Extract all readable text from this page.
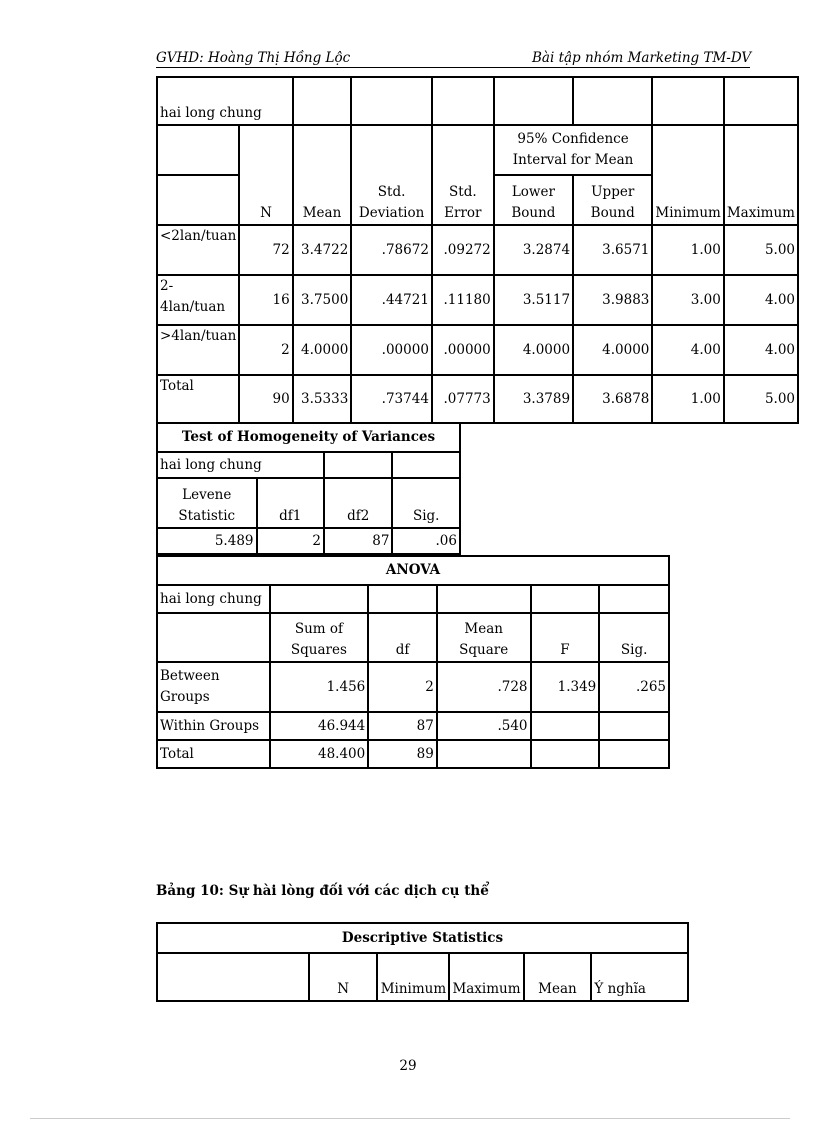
GVHD: Hoàng Thị Hồng Lộc	Bài tập nhóm Marketing TM-DV
hai long chung								
	N	Mean	Std. Deviation	Std. Error	95% Confidence Interval for Mean		Minimum	Maximum
					Lower Bound	Upper Bound		
<2lan/tuan	72	3.4722	.78672	.09272	3.2874	3.6571	1.00	5.00
2-4lan/tuan	16	3.7500	.44721	.11180	3.5117	3.9883	3.00	4.00
>4lan/tuan	2	4.0000	.00000	.00000	4.0000	4.0000	4.00	4.00
Total	90	3.5333	.73744	.07773	3.3789	3.6878	1.00	5.00
Test of Homogeneity of Variances			
hai long chung			
Levene Statistic	df1	df2	Sig.
5.489	2	87	.06
ANOVA					
hai long chung					
	Sum of Squares	df	Mean Square	F	Sig.
Between Groups	1.456	2	.728	1.349	.265
Within Groups	46.944	87	.540		
Total	48.400	89			
Bảng 10: Sự hài lòng đối với các dịch cụ thể
Descriptive Statistics
	N	Minimum	Maximum	Mean	Ý nghĩa
29
